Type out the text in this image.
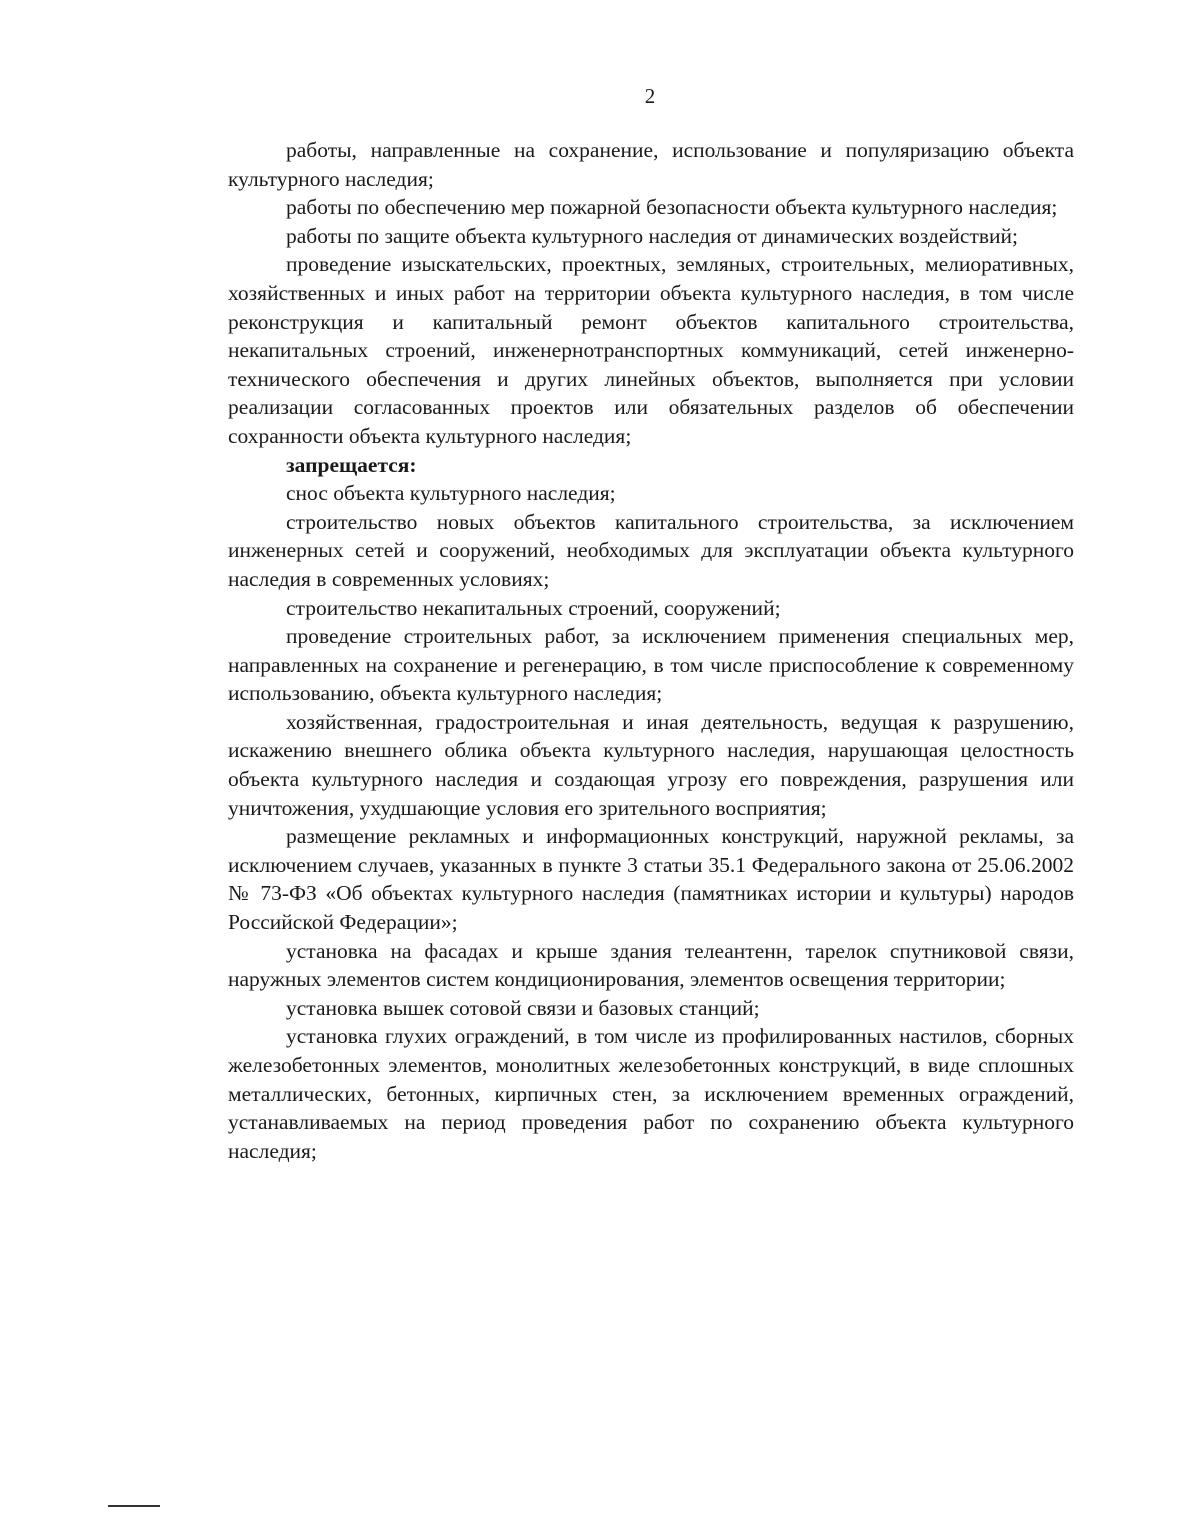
2

работы, направленные на сохранение, использование и популяризацию объекта культурного наследия;

работы по обеспечению мер пожарной безопасности объекта культурного наследия;

работы по защите объекта культурного наследия от динамических воздействий;

проведение изыскательских, проектных, земляных, строительных, мелиоративных, хозяйственных и иных работ на территории объекта культурного наследия, в том числе реконструкция и капитальный ремонт объектов капитального строительства, некапитальных строений, инженернотранспортных коммуникаций, сетей инженерно-технического обеспечения и других линейных объектов, выполняется при условии реализации согласованных проектов или обязательных разделов об обеспечении сохранности объекта культурного наследия;

запрещается:

снос объекта культурного наследия;

строительство новых объектов капитального строительства, за исключением инженерных сетей и сооружений, необходимых для эксплуатации объекта культурного наследия в современных условиях;

строительство некапитальных строений, сооружений;

проведение строительных работ, за исключением применения специальных мер, направленных на сохранение и регенерацию, в том числе приспособление к современному использованию, объекта культурного наследия;

хозяйственная, градостроительная и иная деятельность, ведущая к разрушению, искажению внешнего облика объекта культурного наследия, нарушающая целостность объекта культурного наследия и создающая угрозу его повреждения, разрушения или уничтожения, ухудшающие условия его зрительного восприятия;

размещение рекламных и информационных конструкций, наружной рекламы, за исключением случаев, указанных в пункте 3 статьи 35.1 Федерального закона от 25.06.2002 № 73-ФЗ «Об объектах культурного наследия (памятниках истории и культуры) народов Российской Федерации»;

установка на фасадах и крыше здания телеантенн, тарелок спутниковой связи, наружных элементов систем кондиционирования, элементов освещения территории;

установка вышек сотовой связи и базовых станций;

установка глухих ограждений, в том числе из профилированных настилов, сборных железобетонных элементов, монолитных железобетонных конструкций, в виде сплошных металлических, бетонных, кирпичных стен, за исключением временных ограждений, устанавливаемых на период проведения работ по сохранению объекта культурного наследия;
